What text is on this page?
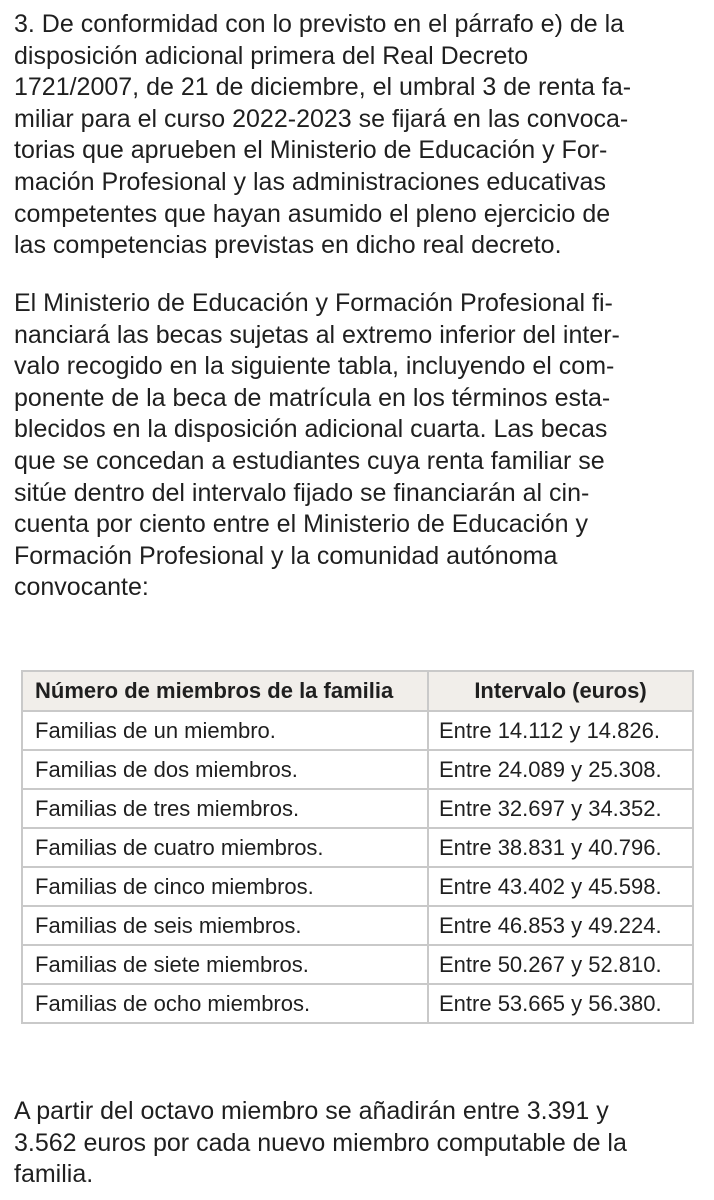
3. De conformidad con lo previsto en el párrafo e) de la
disposición adicional primera del Real Decreto
1721/2007, de 21 de diciembre, el umbral 3 de renta fa-
miliar para el curso 2022-2023 se fijará en las convoca-
torias que aprueben el Ministerio de Educación y For-
mación Profesional y las administraciones educativas
competentes que hayan asumido el pleno ejercicio de
las competencias previstas en dicho real decreto.

El Ministerio de Educación y Formación Profesional fi-
nanciará las becas sujetas al extremo inferior del inter-
valo recogido en la siguiente tabla, incluyendo el com-
ponente de la beca de matrícula en los términos esta-
blecidos en la disposición adicional cuarta. Las becas
que se concedan a estudiantes cuya renta familiar se
sitúe dentro del intervalo fijado se financiarán al cin-
cuenta por ciento entre el Ministerio de Educación y
Formación Profesional y la comunidad autónoma
convocante:

Número de miembros de la familia	Intervalo (euros)
Familias de un miembro.	Entre 14.112 y 14.826.
Familias de dos miembros.	Entre 24.089 y 25.308.
Familias de tres miembros.	Entre 32.697 y 34.352.
Familias de cuatro miembros.	Entre 38.831 y 40.796.
Familias de cinco miembros.	Entre 43.402 y 45.598.
Familias de seis miembros.	Entre 46.853 y 49.224.
Familias de siete miembros.	Entre 50.267 y 52.810.
Familias de ocho miembros.	Entre 53.665 y 56.380.

A partir del octavo miembro se añadirán entre 3.391 y
3.562 euros por cada nuevo miembro computable de la
familia.
